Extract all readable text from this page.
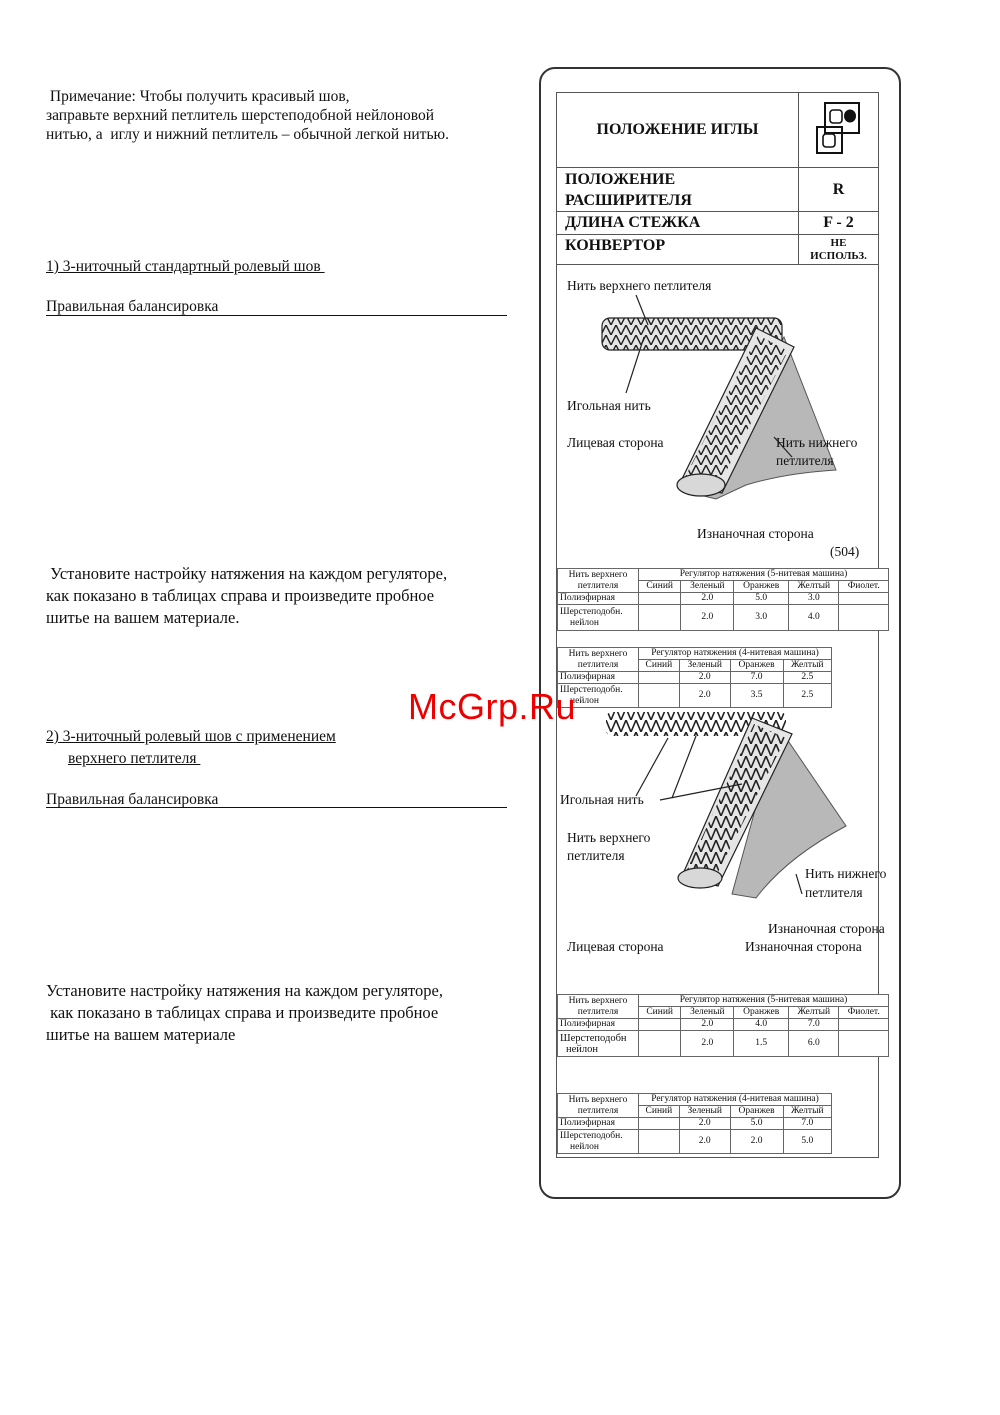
Примечание: Чтобы получить красивый шов,
заправьте верхний петлитель шерстеподобной нейлоновой
нитью, а  иглу и нижний петлитель – обычной легкой нитью.
1) 3-ниточный стандартный ролевый шов
Правильная балансировка
Установите настройку натяжения на каждом регуляторе,
как показано в таблицах справа и произведите пробное
шитье на вашем материале.
2) 3-ниточный ролевый шов с применением
верхнего петлителя
Правильная балансировка
Установите настройку натяжения на каждом регуляторе,
как показано в таблицах справа и произведите пробное
шитье на вашем материале
ПОЛОЖЕНИЕ ИГЛЫ	

ПОЛОЖЕНИЕ
РАСШИРИТЕЛЯ	R
ДЛИНА СТЕЖКА	F - 2
КОНВЕРТОР	НЕ
ИСПОЛЬЗ.
Нить верхнего петлителя
Игольная нить
Лицевая сторона	Нить нижнего
петлителя
Изнаночная сторона
(504)
Нить верхнего
петлителя	Регулятор натяжения (5-нитевая машина)				
	Синий	Зеленый	Оранжев	Желтый	Фиолет.
Полиэфирная		2.0	5.0	3.0	

Шерстеподобн.
нейлон		2.0	3.0	4.0	
Нить верхнего
петлителя	Регулятор натяжения (4-нитевая машина)			
	Синий	Зеленый	Оранжев	Желтый
Полиэфирная		2.0	7.0	2.5

Шерстеподобн.
нейлон		2.0	3.5	2.5
Игольная нить
Нить верхнего
петлителя
Нить нижнего
петлителя
Изнаночная сторона
Лицевая сторона	Изнаночная сторона
Нить верхнего
петлителя	Регулятор натяжения (5-нитевая машина)				
	Синий	Зеленый	Оранжев	Желтый	Фиолет.
Полиэфирная		2.0	4.0	7.0	

Шерстеподобн
нейлон		2.0	1.5	6.0	
Нить верхнего
петлителя	Регулятор натяжения (4-нитевая машина)			
	Синий	Зеленый	Оранжев	Желтый
Полиэфирная		2.0	5.0	7.0

Шерстеподобн.
нейлон		2.0	2.0	5.0
McGrp.Ru
